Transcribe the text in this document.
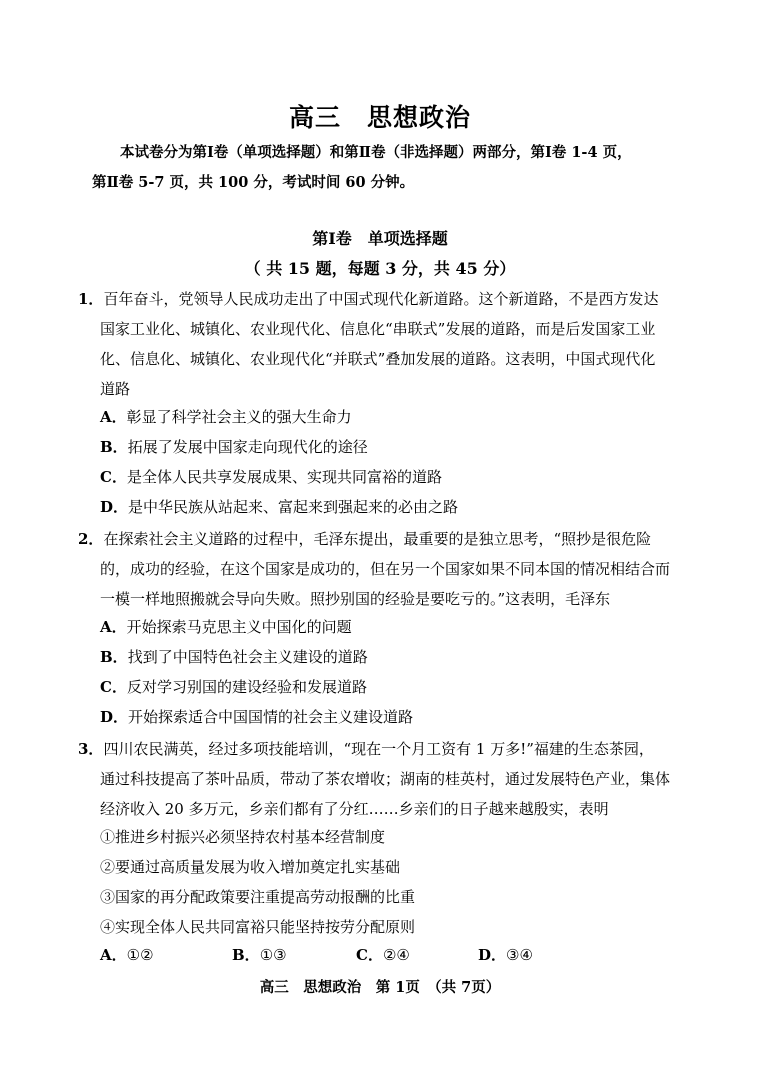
高三　思想政治
本试卷分为第Ⅰ卷（单项选择题）和第Ⅱ卷（非选择题）两部分，第Ⅰ卷 1-4 页，
第Ⅱ卷 5-7 页，共 100 分，考试时间 60 分钟。
第Ⅰ卷　单项选择题
（ 共 15 题，每题 3 分，共 45 分）
1．百年奋斗，党领导人民成功走出了中国式现代化新道路。这个新道路，不是西方发达
国家工业化、城镇化、农业现代化、信息化“串联式”发展的道路，而是后发国家工业
化、信息化、城镇化、农业现代化“并联式”叠加发展的道路。这表明，中国式现代化
道路
A．彰显了科学社会主义的强大生命力
B．拓展了发展中国家走向现代化的途径
C．是全体人民共享发展成果、实现共同富裕的道路
D．是中华民族从站起来、富起来到强起来的必由之路
2．在探索社会主义道路的过程中，毛泽东提出，最重要的是独立思考，“照抄是很危险
的，成功的经验，在这个国家是成功的，但在另一个国家如果不同本国的情况相结合而
一模一样地照搬就会导向失败。照抄别国的经验是要吃亏的。”这表明，毛泽东
A．开始探索马克思主义中国化的问题
B．找到了中国特色社会主义建设的道路
C．反对学习别国的建设经验和发展道路
D．开始探索适合中国国情的社会主义建设道路
3．四川农民满英，经过多项技能培训，“现在一个月工资有 1 万多!”福建的生态茶园，
通过科技提高了茶叶品质，带动了茶农增收；湖南的桂英村，通过发展特色产业，集体
经济收入 20 多万元，乡亲们都有了分红……乡亲们的日子越来越殷实，表明
①推进乡村振兴必须坚持农村基本经营制度
②要通过高质量发展为收入增加奠定扎实基础
③国家的再分配政策要注重提高劳动报酬的比重
④实现全体人民共同富裕只能坚持按劳分配原则
A．①②	B．①③	C．②④	D．③④
高三　思想政治　第 1页　（共 7页）
